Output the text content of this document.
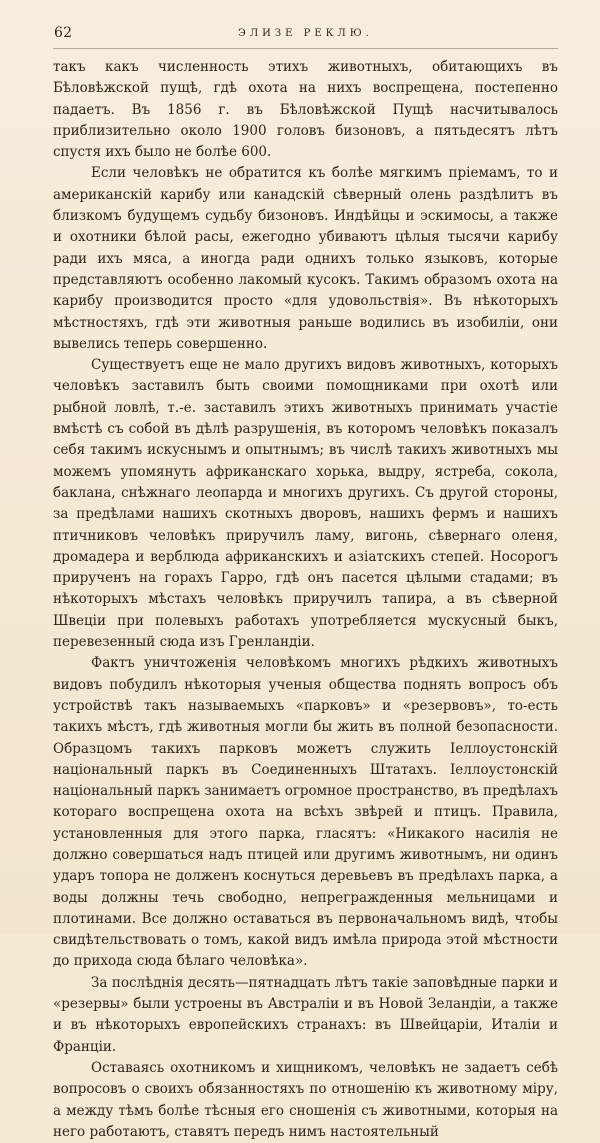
62	ЭЛИЗЕ РЕКЛЮ.

такъ какъ численность этихъ животныхъ, обитающихъ въ Бѣловѣжской пущѣ, гдѣ охота на нихъ воспрещена, постепенно падаетъ. Въ 1856 г. въ Бѣловѣжской Пущѣ насчитывалось приблизительно около 1900 головъ бизоновъ, а пятьдесятъ лѣтъ спустя ихъ было не болѣе 600.

Если человѣкъ не обратится къ болѣе мягкимъ пріемамъ, то и американскій карибу или канадскій сѣверный олень раздѣлитъ въ близкомъ будущемъ судьбу бизоновъ. Индѣйцы и эскимосы, а также и охотники бѣлой расы, ежегодно убиваютъ цѣлыя тысячи карибу ради ихъ мяса, а иногда ради однихъ только языковъ, которые представляютъ особенно лакомый кусокъ. Такимъ образомъ охота на карибу производится просто «для удовольствія». Въ нѣкоторыхъ мѣстностяхъ, гдѣ эти животныя раньше водились въ изобиліи, они вывелись теперь совершенно.

Существуетъ еще не мало другихъ видовъ животныхъ, которыхъ человѣкъ заставилъ быть своими помощниками при охотѣ или рыбной ловлѣ, т.-е. заставилъ этихъ животныхъ принимать участіе вмѣстѣ съ собой въ дѣлѣ разрушенія, въ которомъ человѣкъ показалъ себя такимъ искуснымъ и опытнымъ; въ числѣ такихъ животныхъ мы можемъ упомянуть африканскаго хорька, выдру, ястреба, сокола, баклана, снѣжнаго леопарда и многихъ другихъ. Съ другой стороны, за предѣлами нашихъ скотныхъ дворовъ, нашихъ фермъ и нашихъ птичниковъ человѣкъ приручилъ ламу, вигонь, сѣвернаго оленя, дромадера и верблюда африканскихъ и азіатскихъ степей. Носорогъ прирученъ на горахъ Гарро, гдѣ онъ пасется цѣлыми стадами; въ нѣкоторыхъ мѣстахъ человѣкъ приручилъ тапира, а въ сѣверной Швеціи при полевыхъ работахъ употребляется мускусный быкъ, перевезенный сюда изъ Гренландіи.

Фактъ уничтоженія человѣкомъ многихъ рѣдкихъ животныхъ видовъ побудилъ нѣкоторыя ученыя общества поднять вопросъ объ устройствѣ такъ называемыхъ «парковъ» и «резервовъ», то-есть такихъ мѣстъ, гдѣ животныя могли бы жить въ полной безопасности. Образцомъ такихъ парковъ можетъ служить Іеллоустонскій національный паркъ въ Соединенныхъ Штатахъ. Іеллоустонскій національный паркъ занимаетъ огромное пространство, въ предѣлахъ котораго воспрещена охота на всѣхъ звѣрей и птицъ. Правила, установленныя для этого парка, гласятъ: «Никакого насилія не должно совершаться надъ птицей или другимъ животнымъ, ни одинъ ударъ топора не долженъ коснуться деревьевъ въ предѣлахъ парка, а воды должны течь свободно, непрегражденныя мельницами и плотинами. Все должно оставаться въ первоначальномъ видѣ, чтобы свидѣтельствовать о томъ, какой видъ имѣла природа этой мѣстности до прихода сюда бѣлаго человѣка».

За послѣднія десять—пятнадцать лѣтъ такіе заповѣдные парки и «резервы» были устроены въ Австраліи и въ Новой Зеландіи, а также и въ нѣкоторыхъ европейскихъ странахъ: въ Швейцаріи, Италіи и Франціи.

Оставаясь охотникомъ и хищникомъ, человѣкъ не задаетъ себѣ вопросовъ о своихъ обязанностяхъ по отношенію къ животному міру, а между тѣмъ болѣе тѣсныя его сношенія съ животными, которыя на него работаютъ, ставятъ передъ нимъ настоятельный
